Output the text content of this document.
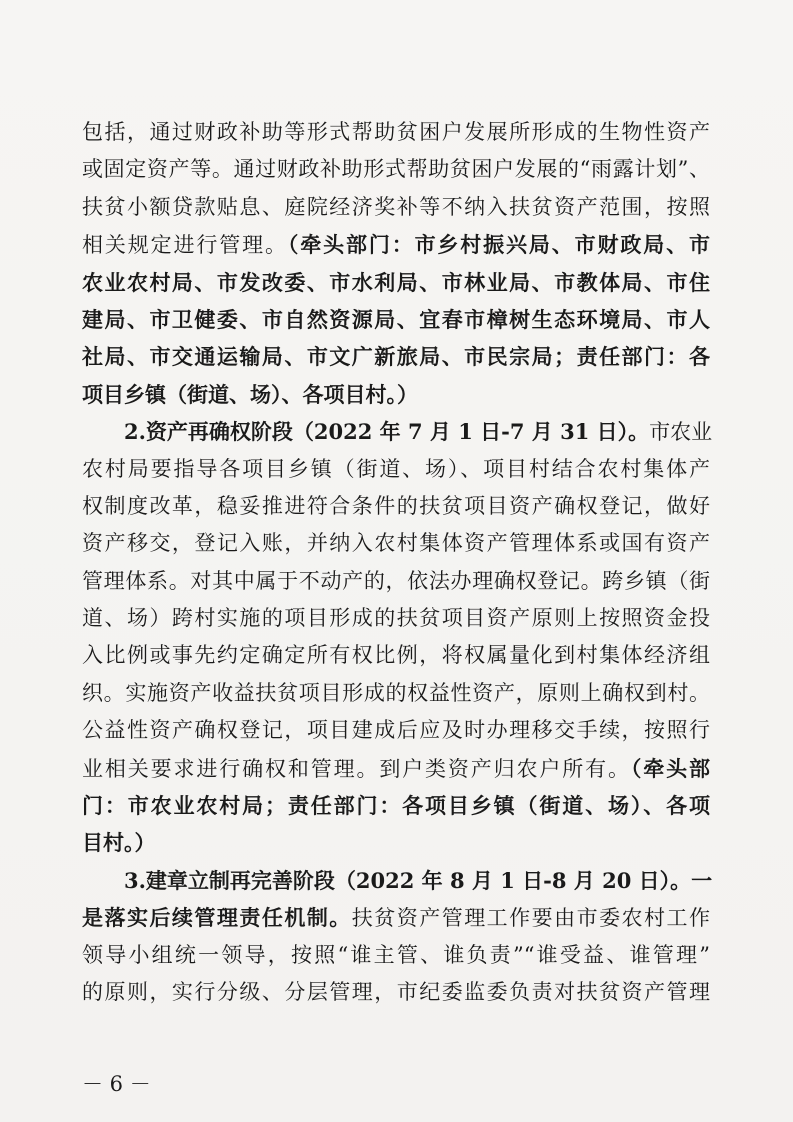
包括，通过财政补助等形式帮助贫困户发展所形成的生物性资产
或固定资产等。通过财政补助形式帮助贫困户发展的“雨露计划”、
扶贫小额贷款贴息、庭院经济奖补等不纳入扶贫资产范围，按照
相关规定进行管理。（牵头部门：市乡村振兴局、市财政局、市
农业农村局、市发改委、市水利局、市林业局、市教体局、市住
建局、市卫健委、市自然资源局、宜春市樟树生态环境局、市人
社局、市交通运输局、市文广新旅局、市民宗局；责任部门：各
项目乡镇（街道、场）、各项目村。）
2.资产再确权阶段（2022 年 7 月 1 日-7 月 31 日）。市农业
农村局要指导各项目乡镇（街道、场）、项目村结合农村集体产
权制度改革，稳妥推进符合条件的扶贫项目资产确权登记，做好
资产移交，登记入账，并纳入农村集体资产管理体系或国有资产
管理体系。对其中属于不动产的，依法办理确权登记。跨乡镇（街
道、场）跨村实施的项目形成的扶贫项目资产原则上按照资金投
入比例或事先约定确定所有权比例，将权属量化到村集体经济组
织。实施资产收益扶贫项目形成的权益性资产，原则上确权到村。
公益性资产确权登记，项目建成后应及时办理移交手续，按照行
业相关要求进行确权和管理。到户类资产归农户所有。（牵头部
门：市农业农村局；责任部门：各项目乡镇（街道、场）、各项
目村。）
3.建章立制再完善阶段（2022 年 8 月 1 日-8 月 20 日）。一
是落实后续管理责任机制。扶贫资产管理工作要由市委农村工作
领导小组统一领导，按照“谁主管、谁负责”“谁受益、谁管理”
的原则，实行分级、分层管理，市纪委监委负责对扶贫资产管理
－ 6 －
